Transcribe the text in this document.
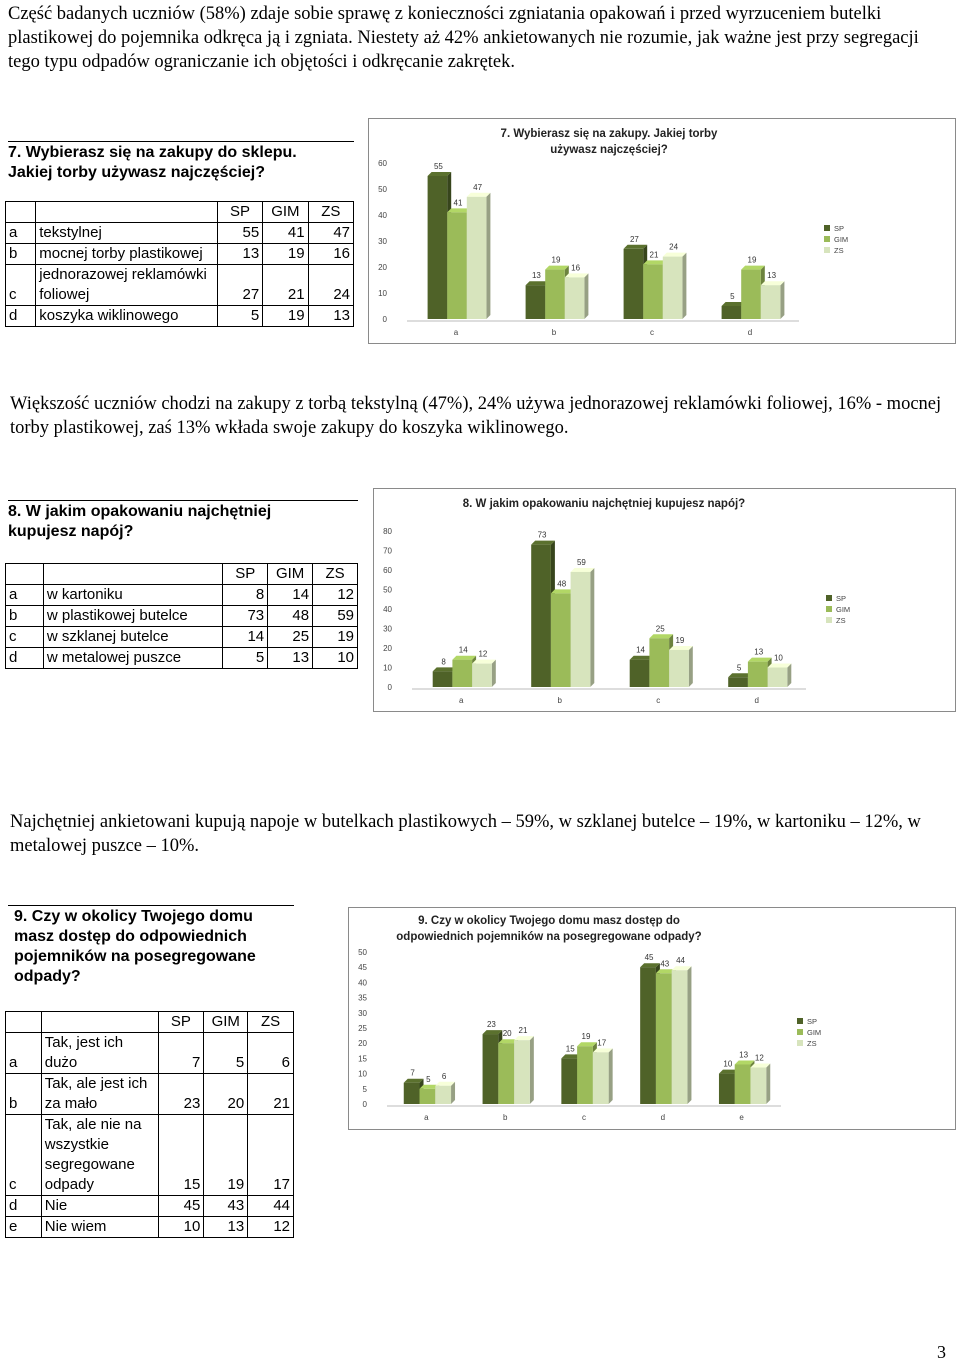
Część badanych uczniów (58%) zdaje sobie sprawę z konieczności zgniatania opakowań i przed wyrzuceniem butelki plastikowej do pojemnika odkręca ją i zgniata. Niestety aż 42% ankietowanych nie rozumie, jak ważne jest przy segregacji tego typu odpadów ograniczanie ich objętości i odkręcanie zakrętek.

7. Wybierasz się na zakupy do sklepu.

Jakiej torby używasz najczęściej?

		SP	GIM	ZS
a	tekstylnej	55	41	47
b	mocnej torby plastikowej	13	19	16
c	jednorazowej reklamówki foliowej	27	21	24
d	koszyka wiklinowego	5	19	13
7. Wybierasz się na zakupy. Jakiej torby
używasz najczęściej?
0
10
20
30
40
50
60	55
41
47
a
13
19
16
b
27
21
24
c
5
19
13
d
SP
GIM
ZS

Większość uczniów chodzi na zakupy z torbą tekstylną (47%), 24% używa jednorazowej reklamówki foliowej, 16% - mocnej torby plastikowej, zaś 13% wkłada swoje zakupy do koszyka wiklinowego.

8. W jakim opakowaniu najchętniej

kupujesz napój?

		SP	GIM	ZS
a	w kartoniku	8	14	12
b	w plastikowej butelce	73	48	59
c	w szklanej butelce	14	25	19
d	w metalowej puszce	5	13	10
8. W jakim opakowaniu najchętniej kupujesz napój?
0
10
20
30
40
50
60
70
80
8
14 12
a
73
48
59
b
14
25
19
c
5
13
10
d
SP
GIM
ZS

Najchętniej ankietowani kupują napoje w butelkach plastikowych – 59%, w szklanej butelce – 19%, w kartoniku – 12%, w metalowej puszce – 10%.

9. Czy w okolicy Twojego domu

masz dostęp do odpowiednich

pojemników na posegregowane

odpady?

		SP	GIM	ZS
a	Tak, jest ich dużo	7	5	6
b	Tak, ale jest ich za mało	23	20	21
c	Tak, ale nie na wszystkie segregowane odpady	15	19	17
d	Nie	45	43	44
e	Nie wiem	10	13	12
9. Czy w okolicy Twojego domu masz dostęp do
odpowiednich pojemników na posegregowane odpady?
0
5
10
15
20
25
30
35
40
45
50
7
5 6
a
23
20 21
b
15
19
17
c
45
43 44
d
10
13 12
e
SP
GIM
ZS
3
